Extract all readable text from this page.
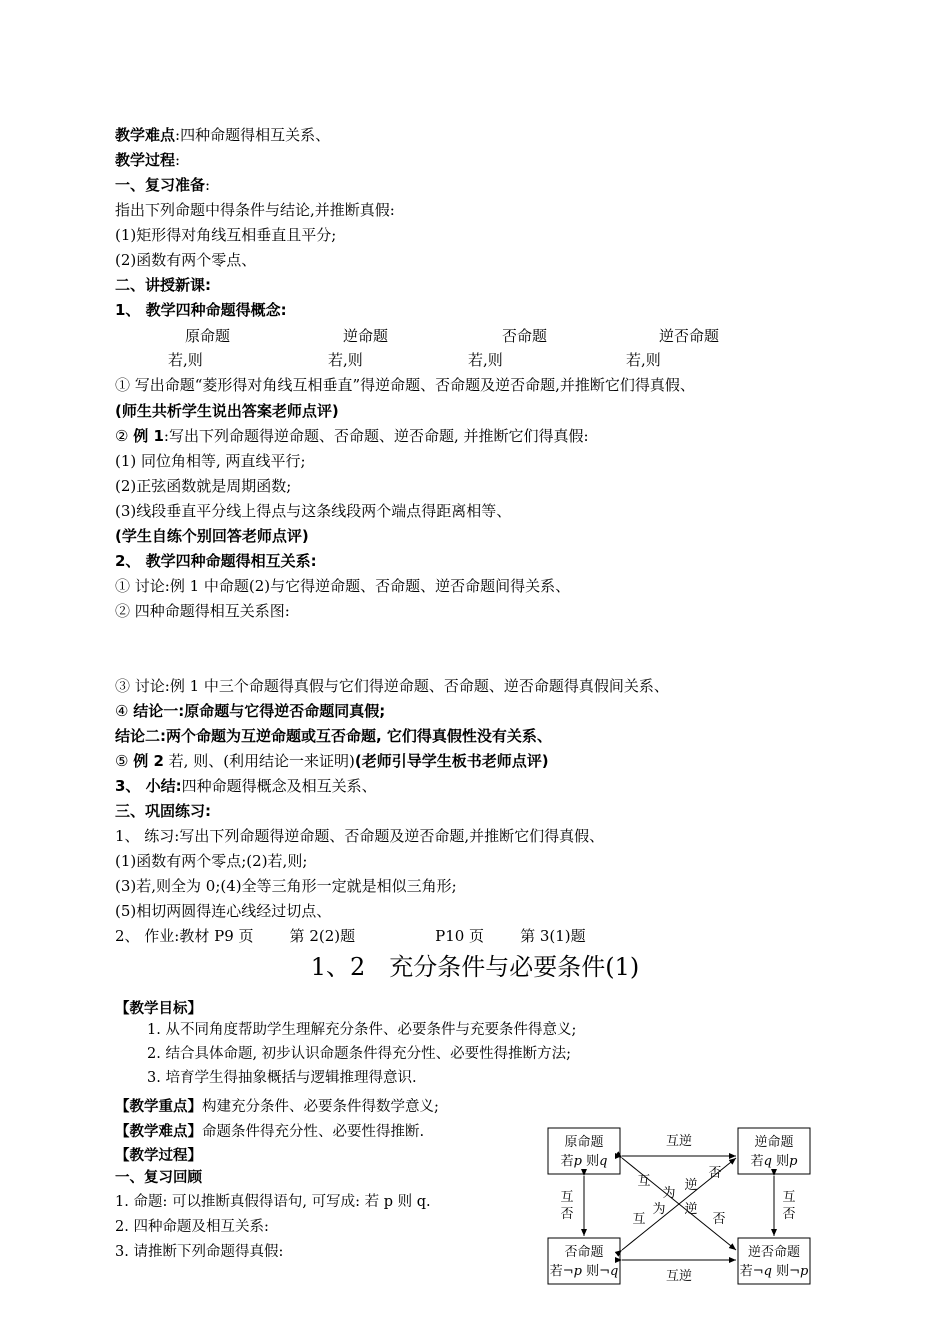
教学难点:四种命题得相互关系、
教学过程:
一、复习准备:
指出下列命题中得条件与结论,并推断真假:
(1)矩形得对角线互相垂直且平分;
(2)函数有两个零点、
二、讲授新课:
1、 教学四种命题得概念:
原命题	逆命题	否命题	逆否命题
若,则	若,则	若,则	若,则
① 写出命题“菱形得对角线互相垂直”得逆命题、否命题及逆否命题,并推断它们得真假、
(师生共析学生说出答案老师点评)
② 例 1:写出下列命题得逆命题、否命题、逆否命题, 并推断它们得真假:
(1) 同位角相等, 两直线平行;
(2)正弦函数就是周期函数;
(3)线段垂直平分线上得点与这条线段两个端点得距离相等、
(学生自练个别回答老师点评)
2、 教学四种命题得相互关系:
① 讨论:例 1 中命题(2)与它得逆命题、否命题、逆否命题间得关系、
② 四种命题得相互关系图:
③ 讨论:例 1 中三个命题得真假与它们得逆命题、否命题、逆否命题得真假间关系、
④ 结论一:原命题与它得逆否命题同真假;
结论二:两个命题为互逆命题或互否命题, 它们得真假性没有关系、
⑤ 例 2 若, 则、(利用结论一来证明)(老师引导学生板书老师点评)
3、 小结:四种命题得概念及相互关系、
三、巩固练习:
1、 练习:写出下列命题得逆命题、否命题及逆否命题,并推断它们得真假、
(1)函数有两个零点;(2)若,则;
(3)若,则全为 0;(4)全等三角形一定就是相似三角形;
(5)相切两圆得连心线经过切点、
2、 作业:教材 P9 页 第 2(2)题	P10 页 第 3(1)题
1、2　充分条件与必要条件(1)
【教学目标】
1. 从不同角度帮助学生理解充分条件、必要条件与充要条件得意义;
2. 结合具体命题, 初步认识命题条件得充分性、必要性得推断方法;
3. 培育学生得抽象概括与逻辑推理得意识.
【教学重点】构建充分条件、必要条件得数学意义;
【教学难点】命题条件得充分性、必要性得推断.
【教学过程】
一、复习回顾
1. 命题: 可以推断真假得语句, 可写成: 若 p 则 q.
2. 四种命题及相互关系:
3. 请推断下列命题得真假:
原命题
若p 则q
逆命题
若q 则p
否命题
若¬p 则¬q
逆否命题
若¬q 则¬p
互逆
互逆
互
否
互
否
互
为
逆
否
逆
为
互	否
